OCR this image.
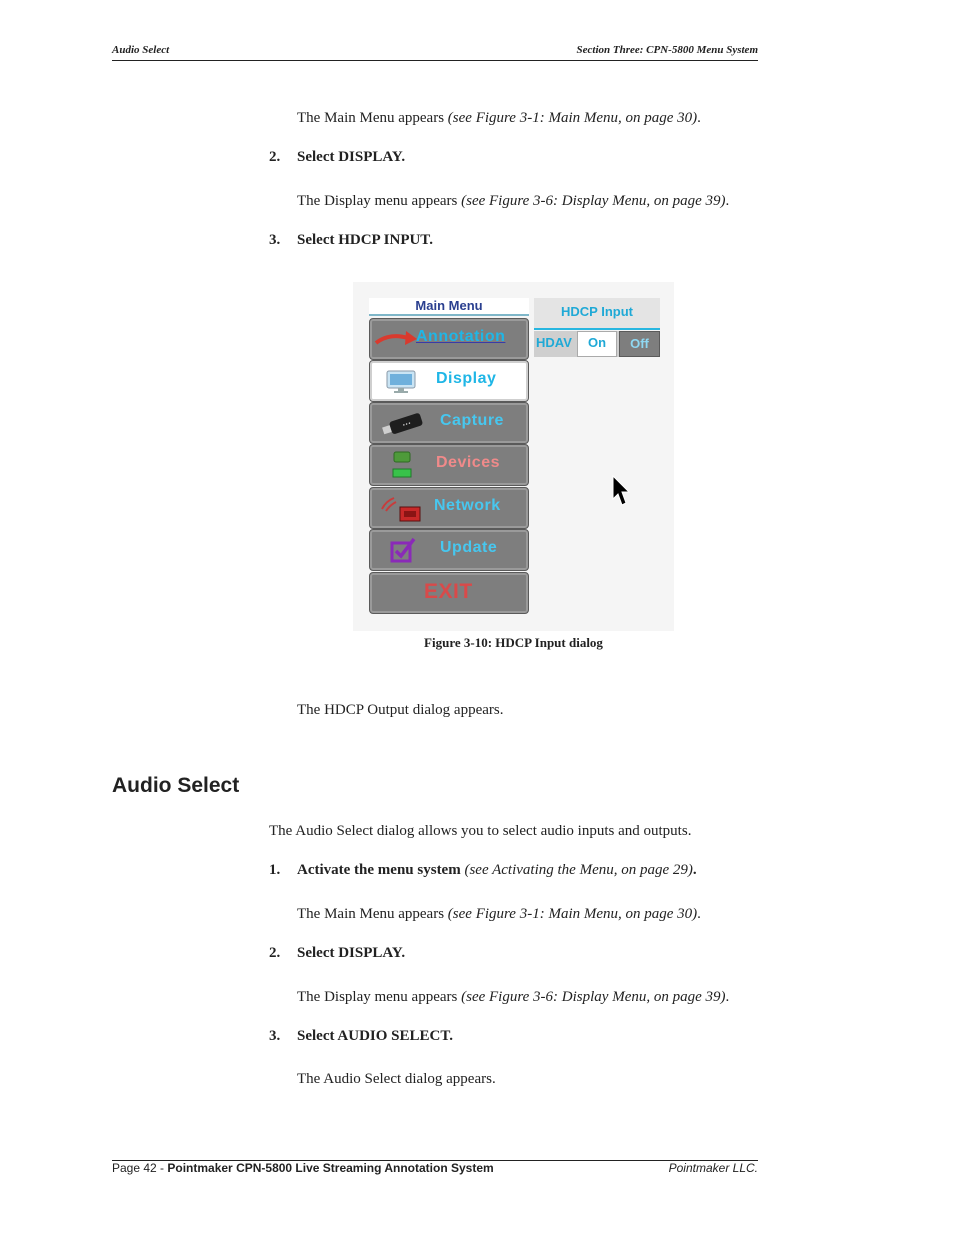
Audio Select	Section Three: CPN-5800 Menu System
The Main Menu appears (see Figure 3-1: Main Menu, on page 30).
2. Select DISPLAY.
The Display menu appears (see Figure 3-6: Display Menu, on page 39).
3. Select HDCP INPUT.
Main Menu
Annotation
Display
••• Capture
Devices
Network
Update
EXIT
HDCP Input
HDAV	On	Off
Figure 3-10: HDCP Input dialog
The HDCP Output dialog appears.
Audio Select
The Audio Select dialog allows you to select audio inputs and outputs.
1. Activate the menu system (see Activating the Menu, on page 29).
The Main Menu appears (see Figure 3-1: Main Menu, on page 30).
2. Select DISPLAY.
The Display menu appears (see Figure 3-6: Display Menu, on page 39).
3. Select AUDIO SELECT.
The Audio Select dialog appears.
Page 42 - Pointmaker CPN-5800 Live Streaming Annotation System	Pointmaker LLC.
